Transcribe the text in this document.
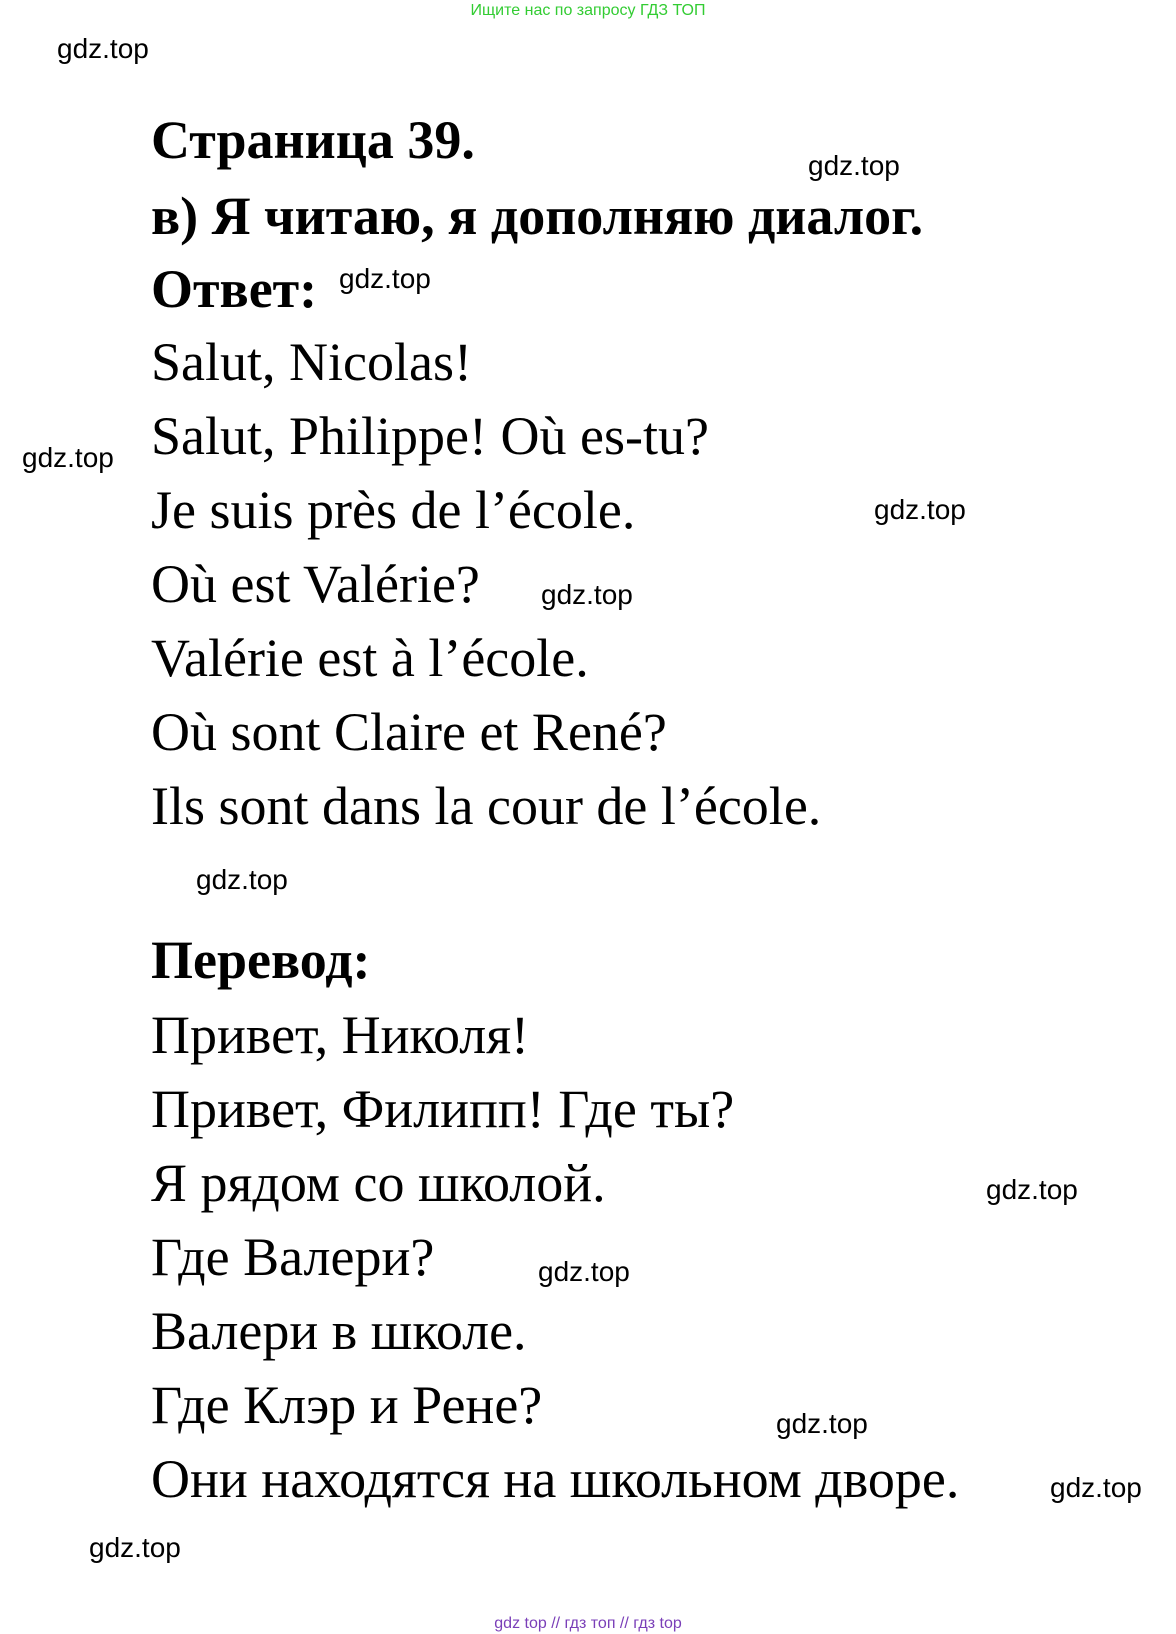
Ищите нас по запросу ГДЗ ТОП
gdz.top
Страница 39.	gdz.top
в) Я читаю, я дополняю диалог.
Ответ: gdz.top
Salut, Nicolas!
Salut, Philippe! Où es-tu?
gdz.top
Je suis près de l’école.	gdz.top
Où est Valérie? gdz.top
Valérie est à l’école.
Où sont Claire et René?
Ils sont dans la cour de l’école.
gdz.top
Перевод:
Привет, Николя!
Привет, Филипп! Где ты?
Я рядом со школой.	gdz.top
Где Валери?	gdz.top
Валери в школе.
Где Клэр и Рене?	gdz.top
Они находятся на школьном дворе.	gdz.top
gdz.top
gdz top // гдз топ // гдз top
